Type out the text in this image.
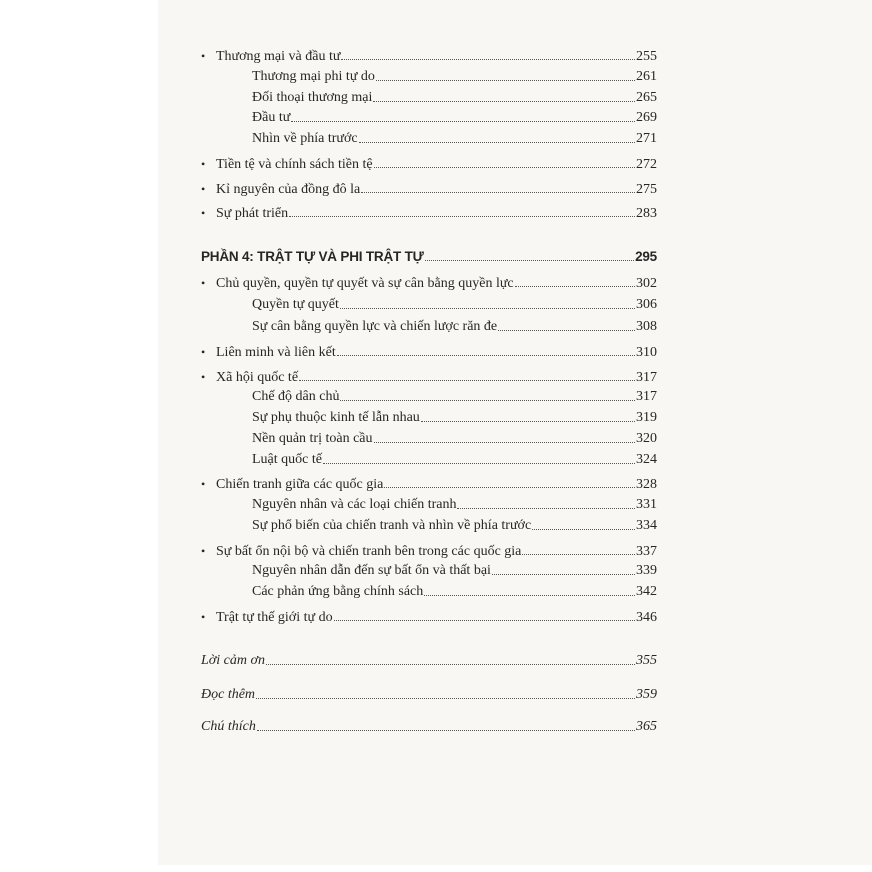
• Thương mại và đầu tư	255
Thương mại phi tự do	261
Đối thoại thương mại	265
Đầu tư	269
Nhìn về phía trước	271
• Tiền tệ và chính sách tiền tệ	272
• Kỉ nguyên của đồng đô la	275
• Sự phát triển	283
PHẦN 4: TRẬT TỰ VÀ PHI TRẬT TỰ	295
• Chủ quyền, quyền tự quyết và sự cân bằng quyền lực	302
Quyền tự quyết	306
Sự cân bằng quyền lực và chiến lược răn đe	308
• Liên minh và liên kết	310
• Xã hội quốc tế	317
Chế độ dân chủ	317
Sự phụ thuộc kinh tế lẫn nhau	319
Nền quản trị toàn cầu	320
Luật quốc tế	324
• Chiến tranh giữa các quốc gia	328
Nguyên nhân và các loại chiến tranh	331
Sự phổ biến của chiến tranh và nhìn về phía trước	334
• Sự bất ổn nội bộ và chiến tranh bên trong các quốc gia	337
Nguyên nhân dẫn đến sự bất ổn và thất bại	339
Các phản ứng bằng chính sách	342
• Trật tự thế giới tự do	346
Lời cảm ơn	355
Đọc thêm	359
Chú thích	365
